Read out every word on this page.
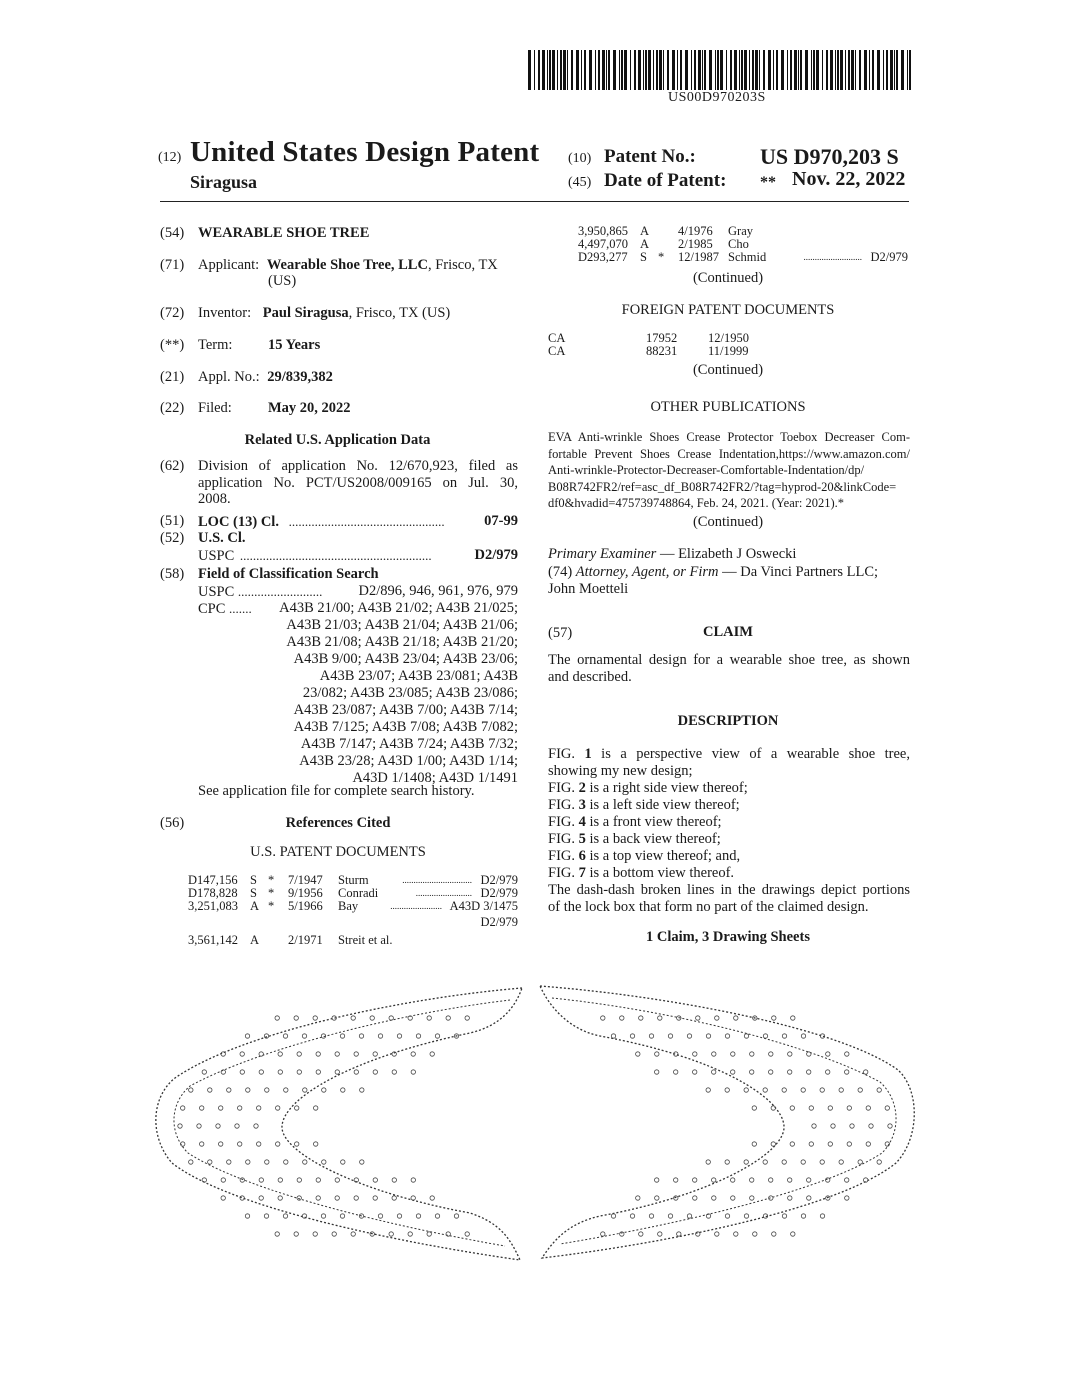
US00D970203S
(12) United States Design Patent
Siragusa
(10) Patent No.:	US D970,203 S
(45) Date of Patent: ** Nov. 22, 2022
(54) WEARABLE SHOE TREE
(71) Applicant: Wearable Shoe Tree, LLC, Frisco, TX
(US)
(72) Inventor: Paul Siragusa, Frisco, TX (US)
(**) Term: 15 Years
(21) Appl. No.: 29/839,382
(22) Filed: May 20, 2022
Related U.S. Application Data
(62) Division of application No. 12/670,923, filed as
application No. PCT/US2008/009165 on Jul. 30,
2008.
(51) LOC (13) Cl. ................................................	07-99
(52) U.S. Cl.
USPC ...........................................................	D2/979
(58) Field of Classification Search
USPC .......................... D2/896, 946, 961, 976, 979
CPC .......	A43B 21/00; A43B 21/02; A43B 21/025;
A43B 21/03; A43B 21/04; A43B 21/06;
A43B 21/08; A43B 21/18; A43B 21/20;
A43B 9/00; A43B 23/04; A43B 23/06;
A43B 23/07; A43B 23/081; A43B
23/082; A43B 23/085; A43B 23/086;
A43B 23/087; A43B 7/00; A43B 7/14;
A43B 7/125; A43B 7/08; A43B 7/082;
A43B 7/147; A43B 7/24; A43B 7/32;
A43B 23/28; A43D 1/00; A43D 1/14;
A43D 1/1408; A43D 1/1491
See application file for complete search history.
(56)	References Cited
U.S. PATENT DOCUMENTS
D147,156 S * 7/1947 Sturm	D2/979
...............................
D178,828 S * 9/1956 Conradi	D2/979
.........................
3,251,083 A * 5/1966 Bay	A43D 3/1475
.......................
D2/979
3,561,142 A 2/1971 Streit et al.
3,950,865 A 4/1976 Gray
4,497,070 A 2/1985 Cho
D293,277 S * 12/1987 Schmid	D2/979
..........................
(Continued)
FOREIGN PATENT DOCUMENTS
CA	17952 12/1950
CA	88231 11/1999
(Continued)
OTHER PUBLICATIONS
EVA Anti-wrinkle Shoes Crease Protector Toebox Decreaser Com-
fortable Prevent Shoes Crease Indentation,https://www.amazon.com/
Anti-wrinkle-Protector-Decreaser-Comfortable-Indentation/dp/
B08R742FR2/ref=asc_df_B08R742FR2/?tag=hyprod-20&linkCode=
df0&hvadid=475739748864, Feb. 24, 2021. (Year: 2021).*
(Continued)
Primary Examiner — Elizabeth J Oswecki
(74) Attorney, Agent, or Firm — Da Vinci Partners LLC;
John Moetteli
(57)	CLAIM
The ornamental design for a wearable shoe tree, as shown
and described.
DESCRIPTION
FIG. 1 is a perspective view of a wearable shoe tree,
showing my new design;
FIG. 2 is a right side view thereof;
FIG. 3 is a left side view thereof;
FIG. 4 is a front view thereof;
FIG. 5 is a back view thereof;
FIG. 6 is a top view thereof; and,
FIG. 7 is a bottom view thereof.
The dash-dash broken lines in the drawings depict portions
of the lock box that form no part of the claimed design.
1 Claim, 3 Drawing Sheets
